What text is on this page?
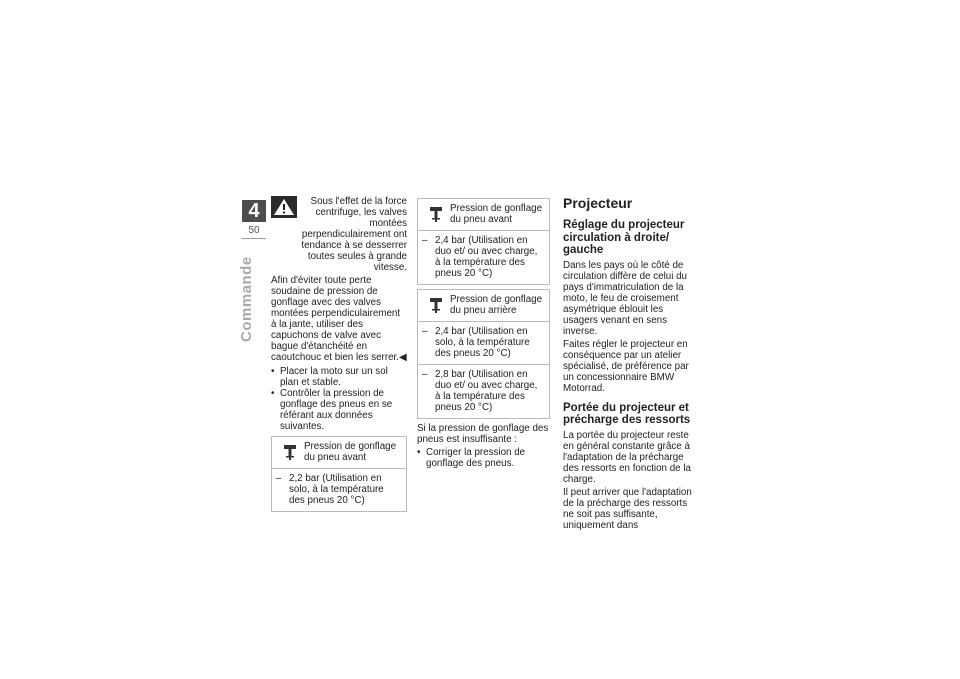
4
50
Commande

Sous l'effet de la force centrifuge, les valves montées perpendiculairement ont tendance à se desserrer toutes seules à grande vitesse.

Afin d'éviter toute perte soudaine de pression de gonflage avec des valves montées perpendiculairement à la jante, utiliser des capuchons de valve avec bague d'étanchéité en caoutchouc et bien les serrer.◀

• Placer la moto sur un sol plan et stable.
• Contrôler la pression de gonflage des pneus en se référant aux données suivantes.
Pression de gonflage du pneu avant
– 2,2 bar (Utilisation en solo, à la température des pneus 20 °C)
Pression de gonflage du pneu avant
– 2,4 bar (Utilisation en duo et/ ou avec charge, à la température des pneus 20 °C)
Pression de gonflage du pneu arrière
– 2,4 bar (Utilisation en solo, à la température des pneus 20 °C)
– 2,8 bar (Utilisation en duo et/ ou avec charge, à la température des pneus 20 °C)

Si la pression de gonflage des pneus est insuffisante :

• Corriger la pression de gonflage des pneus.
Projecteur
Réglage du projecteur circulation à droite/ gauche

Dans les pays où le côté de circulation diffère de celui du pays d'immatriculation de la moto, le feu de croisement asymétrique éblouit les usagers venant en sens inverse.

Faites régler le projecteur en conséquence par un atelier spécialisé, de préférence par un concessionnaire BMW Motorrad.

Portée du projecteur et précharge des ressorts

La portée du projecteur reste en général constante grâce à l'adaptation de la précharge des ressorts en fonction de la charge.

Il peut arriver que l'adaptation de la précharge des ressorts ne soit pas suffisante, uniquement dans
